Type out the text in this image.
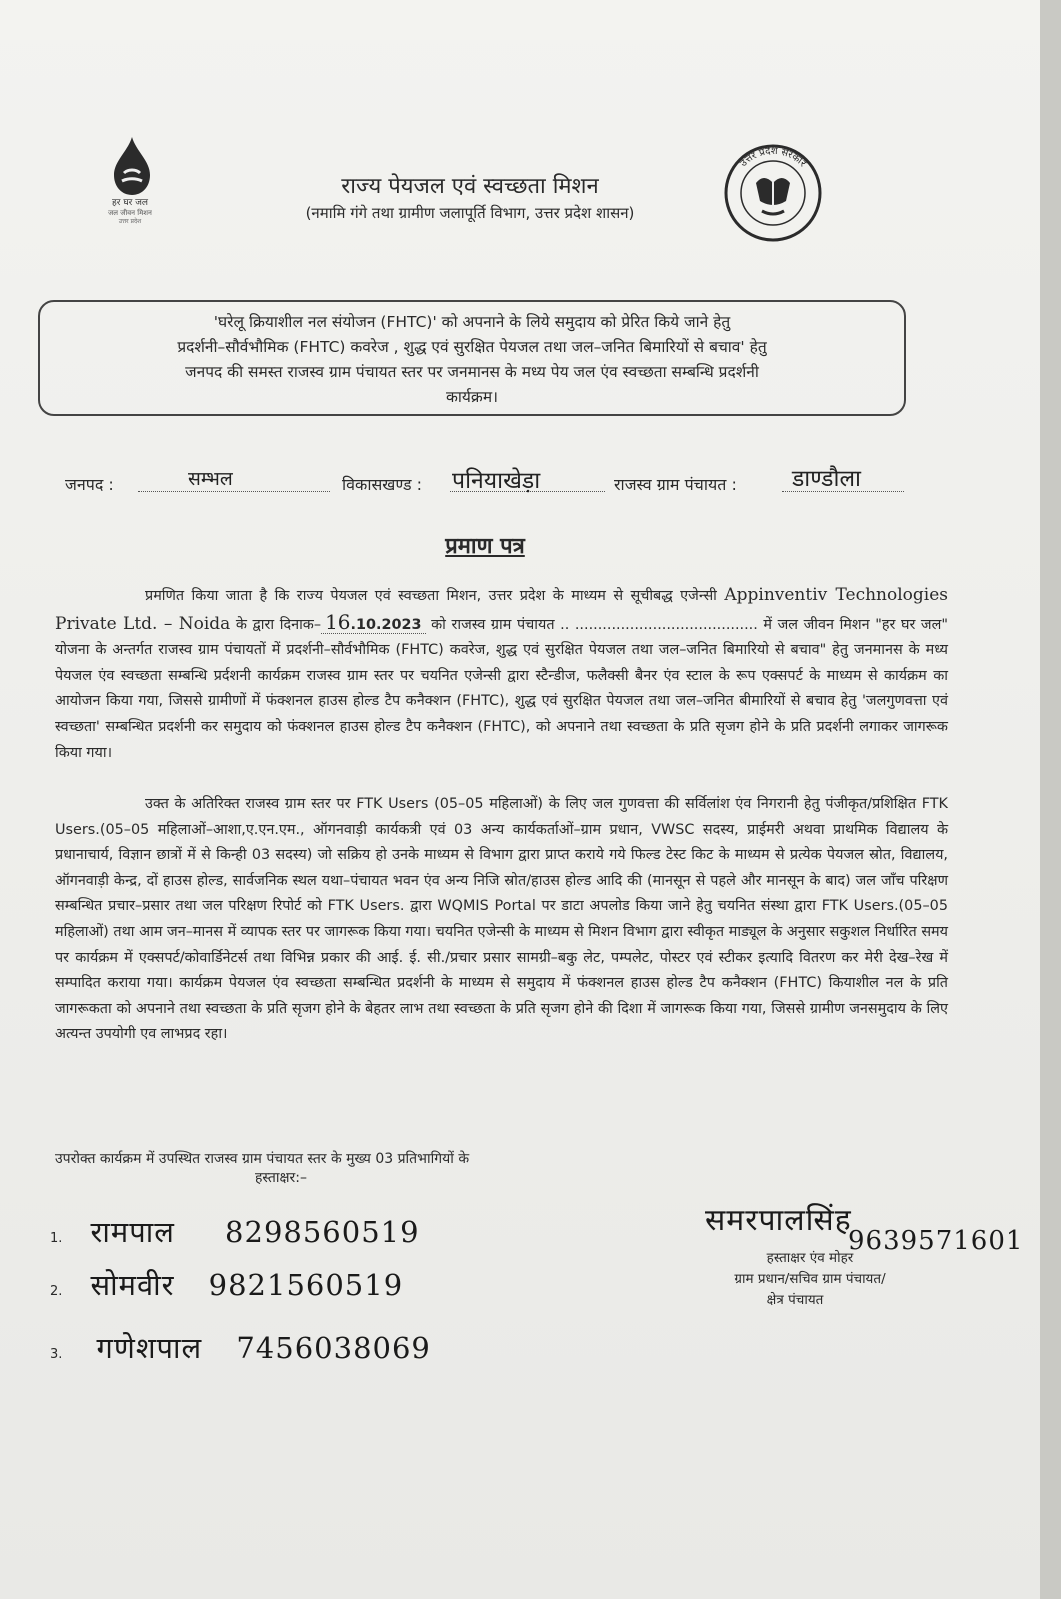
हर घर जल
जल जीवन मिशन
उत्तर प्रदेश
राज्य पेयजल एवं स्वच्छता मिशन
(नमामि गंगे तथा ग्रामीण जलापूर्ति विभाग, उत्तर प्रदेश शासन)
उत्तर प्रदेश सरकार
'घरेलू क्रियाशील नल संयोजन (FHTC)' को अपनाने के लिये समुदाय को प्रेरित किये जाने हेतु
प्रदर्शनी–सौर्वभौमिक (FHTC) कवरेज , शुद्ध एवं सुरक्षित पेयजल तथा जल–जनित बिमारियों से बचाव' हेतु
जनपद की समस्त राजस्व ग्राम पंचायत स्तर पर जनमानस के मध्य पेय जल एंव स्वच्छता सम्बन्धि प्रदर्शनी
कार्यक्रम।
जनपद :	सम्भल	विकासखण्ड : पनियाखेड़ा	राजस्व ग्राम पंचायत : डाण्डौला
प्रमाण पत्र

प्रमणित किया जाता है कि राज्य पेयजल एवं स्वच्छता मिशन, उत्तर प्रदेश के माध्यम से सूचीबद्ध एजेन्सी Appinventiv Technologies Private Ltd. – Noida के द्वारा दिनाक– 16.10.2023 को राजस्व ग्राम पंचायत .. ........................................ में जल जीवन मिशन "हर घर जल" योजना के अन्तर्गत राजस्व ग्राम पंचायतों में प्रदर्शनी–सौर्वभौमिक (FHTC) कवरेज, शुद्ध एवं सुरक्षित पेयजल तथा जल–जनित बिमारियो से बचाव" हेतु जनमानस के मध्य पेयजल एंव स्वच्छता सम्बन्धि प्रर्दशनी कार्यक्रम राजस्व ग्राम स्तर पर चयनित एजेन्सी द्वारा स्टैन्डीज, फलैक्सी बैनर एंव स्टाल के रूप एक्सपर्ट के माध्यम से कार्यक्रम का आयोजन किया गया, जिससे ग्रामीणों में फंक्शनल हाउस होल्ड टैप कनैक्शन (FHTC), शुद्ध एवं सुरक्षित पेयजल तथा जल–जनित बीमारियों से बचाव हेतु 'जलगुणवत्ता एवं स्वच्छता' सम्बन्धित प्रदर्शनी कर समुदाय को फंक्शनल हाउस होल्ड टैप कनैक्शन (FHTC), को अपनाने तथा स्वच्छता के प्रति सृजग होने के प्रति प्रदर्शनी लगाकर जागरूक किया गया।

उक्त के अतिरिक्त राजस्व ग्राम स्तर पर FTK Users (05–05 महिलाओं) के लिए जल गुणवत्ता की सर्विलांश एंव निगरानी हेतु पंजीकृत/प्रशिक्षित FTK Users.(05–05 महिलाओं–आशा,ए.एन.एम., ऑगनवाड़ी कार्यकत्री एवं 03 अन्य कार्यकर्ताओं–ग्राम प्रधान, VWSC सदस्य, प्राईमरी अथवा प्राथमिक विद्यालय के प्रधानाचार्य, विज्ञान छात्रों में से किन्ही 03 सदस्य) जो सक्रिय हो उनके माध्यम से विभाग द्वारा प्राप्त कराये गये फिल्ड टेस्ट किट के माध्यम से प्रत्येक पेयजल स्रोत, विद्यालय, ऑगनवाड़ी केन्द्र, दों हाउस होल्ड, सार्वजनिक स्थल यथा–पंचायत भवन एंव अन्य निजि स्रोत/हाउस होल्ड आदि की (मानसून से पहले और मानसून के बाद) जल जाँच परिक्षण सम्बन्धित प्रचार–प्रसार तथा जल परिक्षण रिपोर्ट को FTK Users. द्वारा WQMIS Portal पर डाटा अपलोड किया जाने हेतु चयनित संस्था द्वारा FTK Users.(05–05 महिलाओं) तथा आम जन–मानस में व्यापक स्तर पर जागरूक किया गया। चयनित एजेन्सी के माध्यम से मिशन विभाग द्वारा स्वीकृत माड्यूल के अनुसार सकुशल निर्धारित समय पर कार्यक्रम में एक्सपर्ट/कोवार्डिनेटर्स तथा विभिन्न प्रकार की आई. ई. सी./प्रचार प्रसार सामग्री–बकु लेट, पम्पलेट, पोस्टर एवं स्टीकर इत्यादि वितरण कर मेरी देख–रेख में सम्पादित कराया गया। कार्यक्रम पेयजल एंव स्वच्छता सम्बन्धित प्रदर्शनी के माध्यम से समुदाय में फंक्शनल हाउस होल्ड टैप कनैक्शन (FHTC) कियाशील नल के प्रति जागरूकता को अपनाने तथा स्वच्छता के प्रति सृजग होने के बेहतर लाभ तथा स्वच्छता के प्रति सृजग होने की दिशा में जागरूक किया गया, जिससे ग्रामीण जनसमुदाय के लिए अत्यन्त उपयोगी एव लाभप्रद रहा।

उपरोक्त कार्यक्रम में उपस्थित राजस्व ग्राम पंचायत स्तर के मुख्य 03 प्रतिभागियों के
हस्ताक्षर:–
1. रामपाल 8298560519
2. सोमवीर 9821560519
3. गणेशपाल 7456038069
समरपालसिंह
9639571601
हस्ताक्षर एंव मोहर
ग्राम प्रधान/सचिव ग्राम पंचायत/
क्षेत्र पंचायत
